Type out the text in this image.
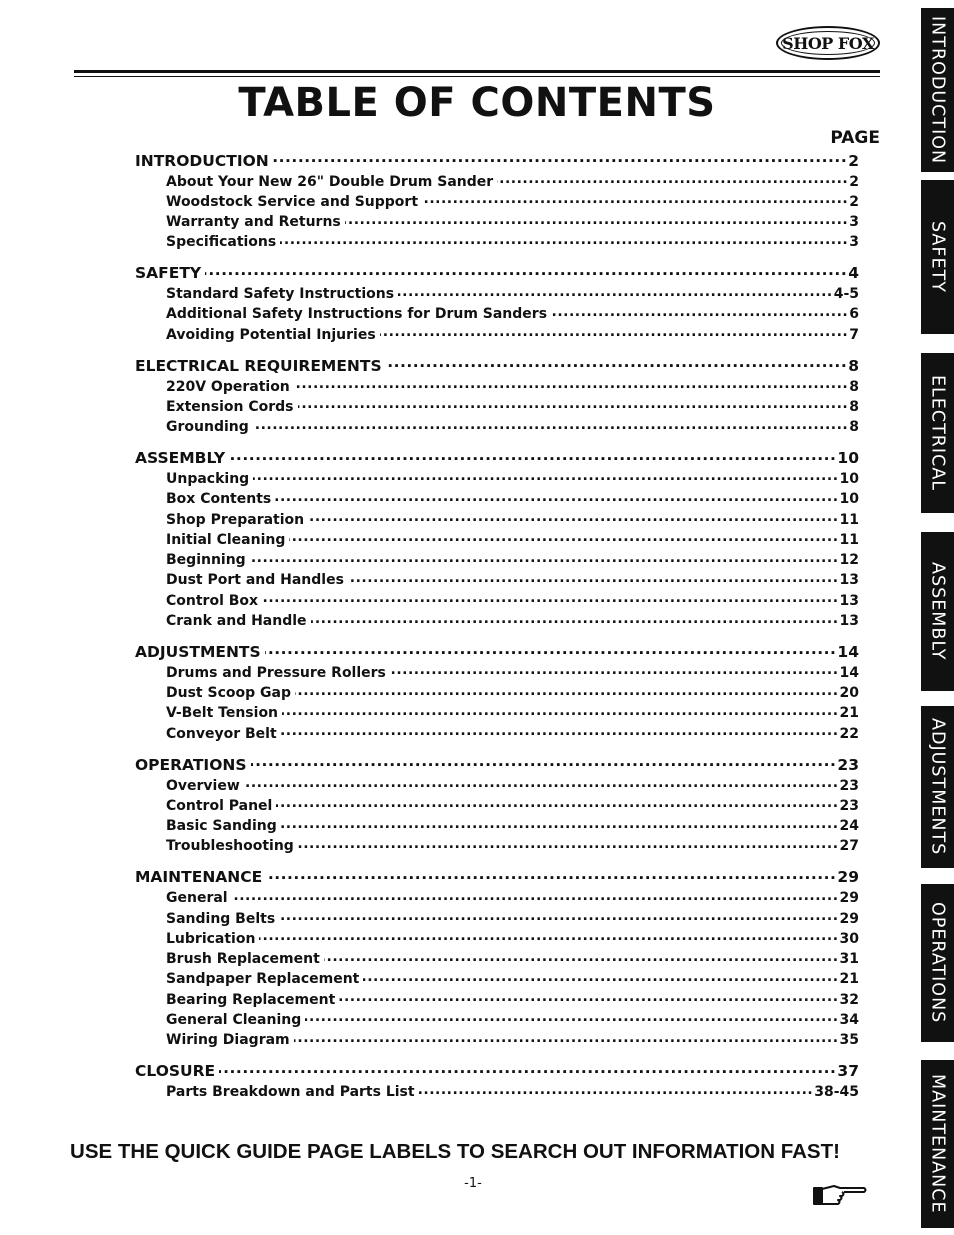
SHOP FOX
TABLE OF CONTENTS
PAGE
INTRODUCTION .....	2
About Your New 26" Double Drum Sander .....	2
Woodstock Service and Support .....	2
Warranty and Returns .....	3
Specifications .....	3
SAFETY .....	4
Standard Safety Instructions .....	4-5
Additional Safety Instructions for Drum Sanders .....	6
Avoiding Potential Injuries .....	7
ELECTRICAL REQUIREMENTS .....	8
220V Operation .....	8
Extension Cords .....	8
Grounding .....	8
ASSEMBLY .....	10
Unpacking .....	10
Box Contents .....	10
Shop Preparation .....	11
Initial Cleaning .....	11
Beginning .....	12
Dust Port and Handles .....	13
Control Box .....	13
Crank and Handle .....	13
ADJUSTMENTS .....	14
Drums and Pressure Rollers .....	14
Dust Scoop Gap .....	20
V-Belt Tension .....	21
Conveyor Belt .....	22
OPERATIONS .....	23
Overview .....	23
Control Panel .....	23
Basic Sanding .....	24
Troubleshooting .....	27
MAINTENANCE .....	29
General .....	29
Sanding Belts .....	29
Lubrication .....	30
Brush Replacement .....	31
Sandpaper Replacement .....	21
Bearing Replacement .....	32
General Cleaning .....	34
Wiring Diagram .....	35
CLOSURE .....	37
Parts Breakdown and Parts List .....	38-45
USE THE QUICK GUIDE PAGE LABELS TO SEARCH OUT INFORMATION FAST!
-1-
INTRODUCTION
SAFETY
ELECTRICAL
ASSEMBLY
ADJUSTMENTS
OPERATIONS
MAINTENANCE
